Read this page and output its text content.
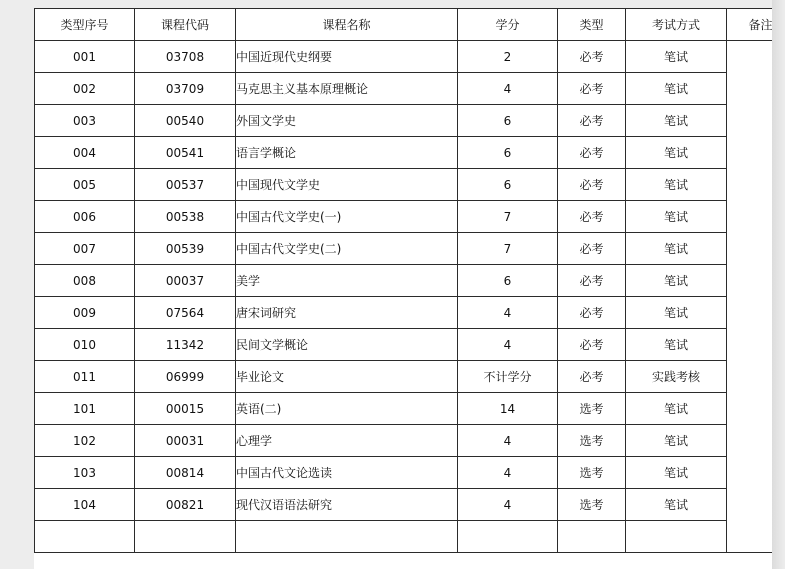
类型序号	课程代码	课程名称	学分	类型	考试方式	备注
001	03708	中国近现代史纲要	2	必考	笔试	
002	03709	马克思主义基本原理概论	4	必考	笔试	
003	00540	外国文学史	6	必考	笔试	
004	00541	语言学概论	6	必考	笔试	
005	00537	中国现代文学史	6	必考	笔试	
006	00538	中国古代文学史(一)	7	必考	笔试	
007	00539	中国古代文学史(二)	7	必考	笔试	
008	00037	美学	6	必考	笔试	
009	07564	唐宋词研究	4	必考	笔试	
010	11342	民间文学概论	4	必考	笔试	
011	06999	毕业论文	不计学分	必考	实践考核	
101	00015	英语(二)	14	选考	笔试	
102	00031	心理学	4	选考	笔试	
103	00814	中国古代文论选读	4	选考	笔试	
104	00821	现代汉语语法研究	4	选考	笔试	
